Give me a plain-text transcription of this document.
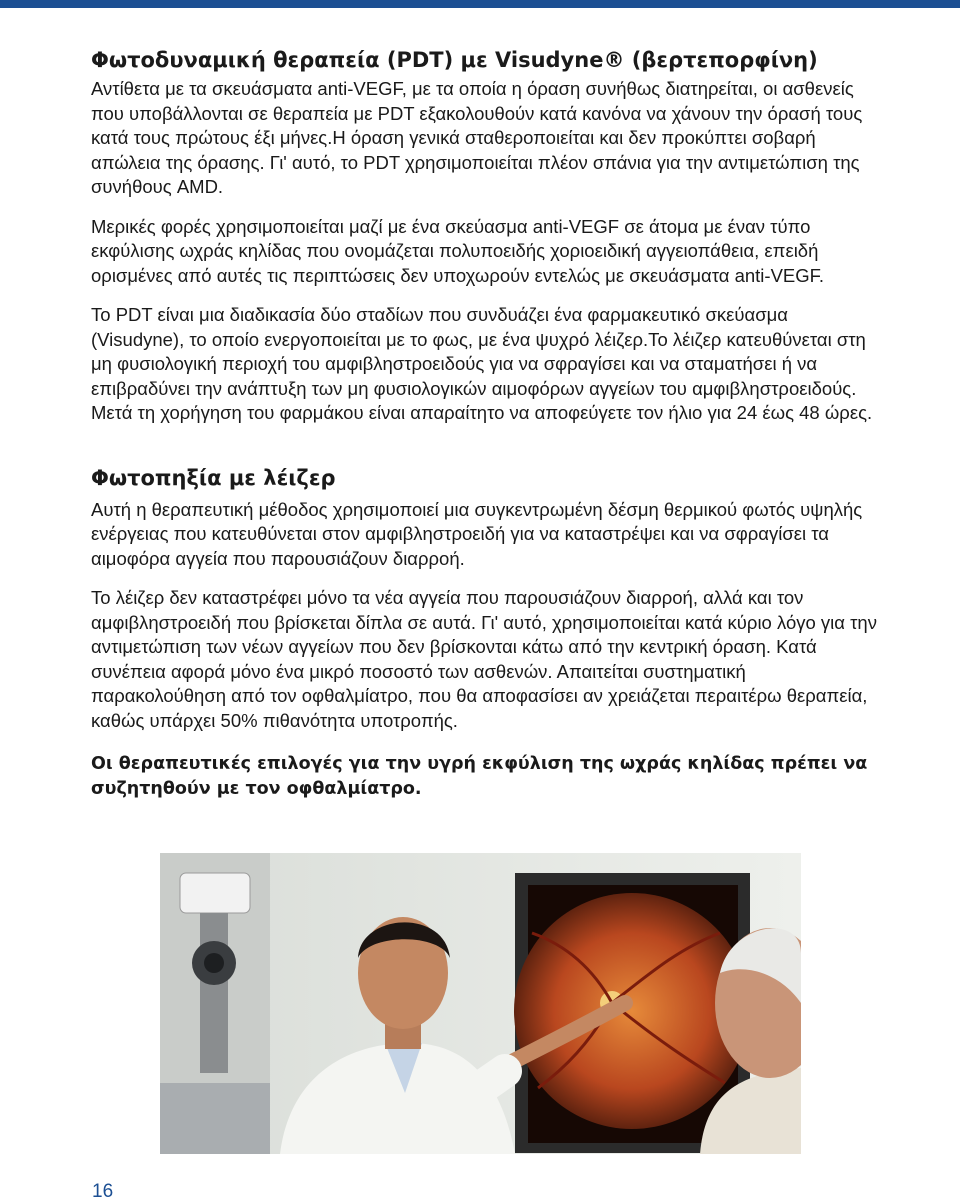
Φωτοδυναμική θεραπεία (PDT) με Visudyne® (βερτεπορφίνη)

Αντίθετα με τα σκευάσματα anti-VEGF, με τα οποία η όραση συνήθως διατηρείται, οι ασθενείς που υποβάλλονται σε θεραπεία με PDT εξακολουθούν κατά κανόνα να χάνουν την όρασή τους κατά τους πρώτους έξι μήνες.Η όραση γενικά σταθεροποιείται και δεν προκύπτει σοβαρή απώλεια της όρασης. Γι' αυτό, το PDT χρησιμοποιείται πλέον σπάνια για την αντιμετώπιση της συνήθους AMD.

Μερικές φορές χρησιμοποιείται μαζί με ένα σκεύασμα anti-VEGF σε άτομα με έναν τύπο εκφύλισης ωχράς κηλίδας που ονομάζεται πολυποειδής χοριοειδική αγγειοπάθεια, επειδή ορισμένες από αυτές τις περιπτώσεις δεν υποχωρούν εντελώς με σκευάσματα anti-VEGF.

Το PDT είναι μια διαδικασία δύο σταδίων που συνδυάζει ένα φαρμακευτικό σκεύασμα (Visudyne), το οποίο ενεργοποιείται με το φως, με ένα ψυχρό λέιζερ.Το λέιζερ κατευθύνεται στη μη φυσιολογική περιοχή του αμφιβληστροειδούς για να σφραγίσει και να σταματήσει ή να επιβραδύνει την ανάπτυξη των μη φυσιολογικών αιμοφόρων αγγείων του αμφιβληστροειδούς. Μετά τη χορήγηση του φαρμάκου είναι απαραίτητο να αποφεύγετε τον ήλιο για 24 έως 48 ώρες.

Φωτοπηξία με λέιζερ

Αυτή η θεραπευτική μέθοδος χρησιμοποιεί μια συγκεντρωμένη δέσμη θερμικού φωτός υψηλής ενέργειας που κατευθύνεται στον αμφιβληστροειδή για να καταστρέψει και να σφραγίσει τα αιμοφόρα αγγεία που παρουσιάζουν διαρροή.

Το λέιζερ δεν καταστρέφει μόνο τα νέα αγγεία που παρουσιάζουν διαρροή, αλλά και τον αμφιβληστροειδή που βρίσκεται δίπλα σε αυτά. Γι' αυτό, χρησιμοποιείται κατά κύριο λόγο για την αντιμετώπιση των νέων αγγείων που δεν βρίσκονται κάτω από την κεντρική όραση. Κατά συνέπεια αφορά μόνο ένα μικρό ποσοστό των ασθενών. Απαιτείται συστηματική παρακολούθηση από τον οφθαλμίατρο, που θα αποφασίσει αν χρειάζεται περαιτέρω θεραπεία, καθώς υπάρχει 50% πιθανότητα υποτροπής.

Οι θεραπευτικές επιλογές για την υγρή εκφύλιση της ωχράς κηλίδας πρέπει να συζητηθούν με τον οφθαλμίατρο.

16
